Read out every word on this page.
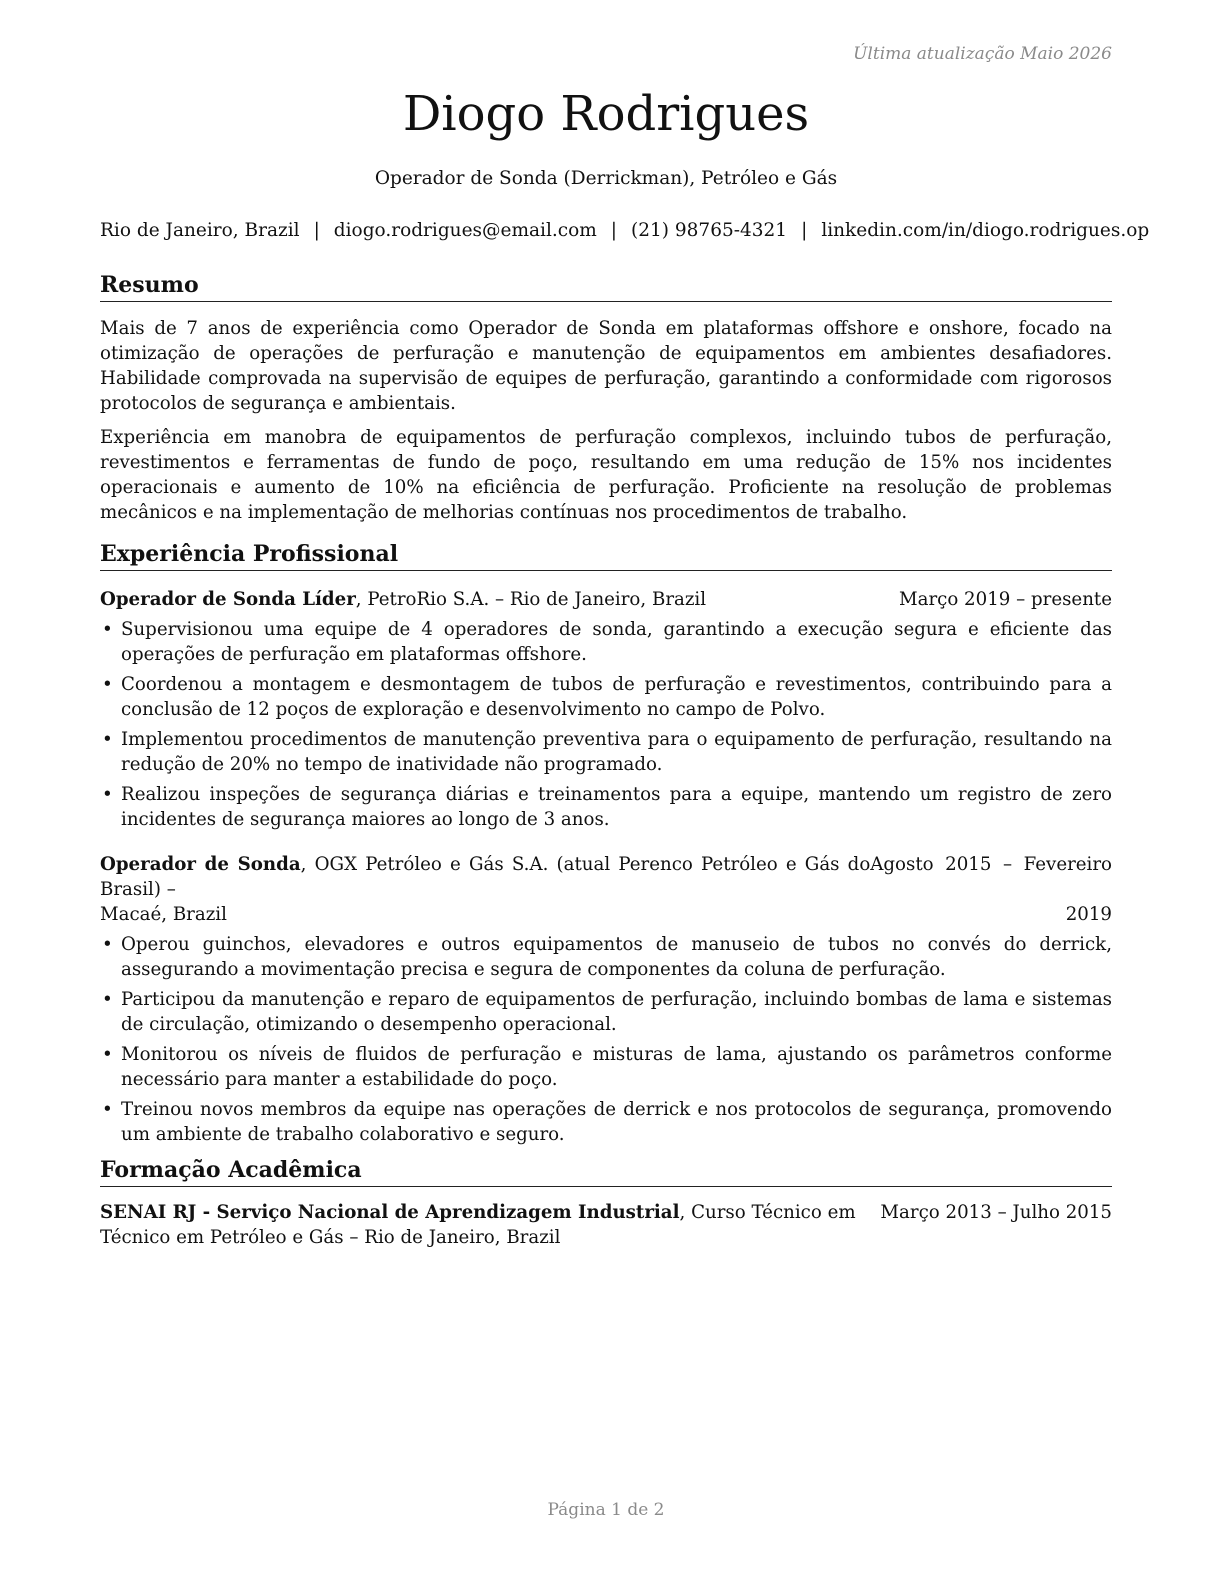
Última atualização Maio 2026
Diogo Rodrigues
Operador de Sonda (Derrickman), Petróleo e Gás
Rio de Janeiro, Brazil | diogo.rodrigues@email.com | (21) 98765-4321 | linkedin.com/in/diogo.rodrigues.op
Resumo

Mais de 7 anos de experiência como Operador de Sonda em plataformas offshore e onshore, focado na otimização de operações de perfuração e manutenção de equipamentos em ambientes desafiadores. Habilidade comprovada na supervisão de equipes de perfuração, garantindo a conformidade com rigorosos protocolos de segurança e ambientais.

Experiência em manobra de equipamentos de perfuração complexos, incluindo tubos de perfuração, revestimentos e ferramentas de fundo de poço, resultando em uma redução de 15% nos incidentes operacionais e aumento de 10% na eficiência de perfuração. Proficiente na resolução de problemas mecânicos e na implementação de melhorias contínuas nos procedimentos de trabalho.

Experiência Profissional
Operador de Sonda Líder, PetroRio S.A. – Rio de Janeiro, Brazil	Março 2019 – presente
• Supervisionou uma equipe de 4 operadores de sonda, garantindo a execução segura e eficiente das operações de perfuração em plataformas offshore.
• Coordenou a montagem e desmontagem de tubos de perfuração e revestimentos, contribuindo para a conclusão de 12 poços de exploração e desenvolvimento no campo de Polvo.
• Implementou procedimentos de manutenção preventiva para o equipamento de perfuração, resultando na redução de 20% no tempo de inatividade não programado.
• Realizou inspeções de segurança diárias e treinamentos para a equipe, mantendo um registro de zero incidentes de segurança maiores ao longo de 3 anos.
Operador de Sonda, OGX Petróleo e Gás S.A. (atual Perenco Petróleo e Gás do Brasil) –
Agosto  2015  –  Fevereiro
Macaé, Brazil	2019
• Operou guinchos, elevadores e outros equipamentos de manuseio de tubos no convés do derrick, assegurando a movimentação precisa e segura de componentes da coluna de perfuração.
• Participou da manutenção e reparo de equipamentos de perfuração, incluindo bombas de lama e sistemas de circulação, otimizando o desempenho operacional.
• Monitorou os níveis de fluidos de perfuração e misturas de lama, ajustando os parâmetros conforme necessário para manter a estabilidade do poço.
• Treinou novos membros da equipe nas operações de derrick e nos protocolos de segurança, promovendo um ambiente de trabalho colaborativo e seguro.
Formação Acadêmica
SENAI RJ - Serviço Nacional de Aprendizagem Industrial, Curso Técnico em Técnico em Petróleo e Gás – Rio de Janeiro, Brazil
Março 2013 – Julho 2015
Página 1 de 2
